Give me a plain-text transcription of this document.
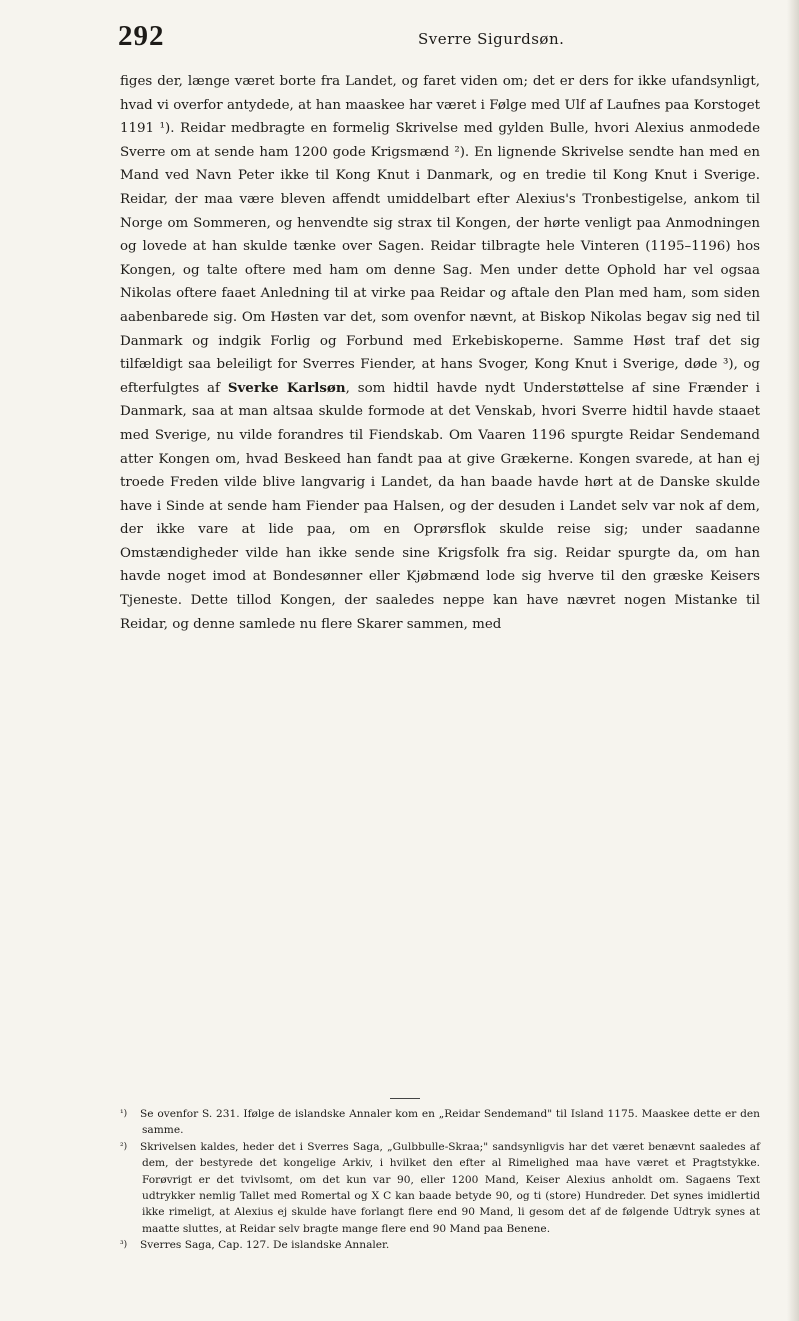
292	Sverre Sigurdsøn.

figes der, længe været borte fra Landet, og faret viden om; det er ders for ikke ufandsynligt, hvad vi overfor antydede, at han maaskee har været i Følge med Ulf af Laufnes paa Korstoget 1191 ¹). Reidar medbragte en formelig Skrivelse med gylden Bulle, hvori Alexius anmodede Sverre om at sende ham 1200 gode Krigsmænd ²). En lignende Skrivelse sendte han med en Mand ved Navn Peter ikke til Kong Knut i Danmark, og en tredie til Kong Knut i Sverige. Reidar, der maa være bleven affendt umiddelbart efter Alexius's Tronbestigelse, ankom til Norge om Sommeren, og henvendte sig strax til Kongen, der hørte venligt paa Anmodningen og lovede at han skulde tænke over Sagen. Reidar tilbragte hele Vinteren (1195–1196) hos Kongen, og talte oftere med ham om denne Sag. Men under dette Ophold har vel ogsaa Nikolas oftere faaet Anledning til at virke paa Reidar og aftale den Plan med ham, som siden aabenbarede sig. Om Høsten var det, som ovenfor nævnt, at Biskop Nikolas begav sig ned til Danmark og indgik Forlig og Forbund med Erkebiskoperne. Samme Høst traf det sig tilfældigt saa beleiligt for Sverres Fiender, at hans Svoger, Kong Knut i Sverige, døde ³), og efterfulgtes af Sverke Karlsøn, som hidtil havde nydt Understøttelse af sine Frænder i Danmark, saa at man altsaa skulde formode at det Venskab, hvori Sverre hidtil havde staaet med Sverige, nu vilde forandres til Fiendskab. Om Vaaren 1196 spurgte Reidar Sendemand atter Kongen om, hvad Beskeed han fandt paa at give Grækerne. Kongen svarede, at han ej troede Freden vilde blive langvarig i Landet, da han baade havde hørt at de Danske skulde have i Sinde at sende ham Fiender paa Halsen, og der desuden i Landet selv var nok af dem, der ikke vare at lide paa, om en Oprørsflok skulde reise sig; under saadanne Omstændigheder vilde han ikke sende sine Krigsfolk fra sig. Reidar spurgte da, om han havde noget imod at Bondesønner eller Kjøbmænd lode sig hverve til den græske Keisers Tjeneste. Dette tillod Kongen, der saaledes neppe kan have nævret nogen Mistanke til Reidar, og denne samlede nu flere Skarer sammen, med

¹) Se ovenfor S. 231. Ifølge de islandske Annaler kom en „Reidar Sendemand" til Island 1175. Maaskee dette er den samme.

²) Skrivelsen kaldes, heder det i Sverres Saga, „Gulbbulle-Skraa;" sandsynligvis har det været benævnt saaledes af dem, der bestyrede det kongelige Arkiv, i hvilket den efter al Rimelighed maa have været et Pragtstykke. Forøvrigt er det tvivlsomt, om det kun var 90, eller 1200 Mand, Keiser Alexius anholdt om. Sagaens Text udtrykker nemlig Tallet med Romertal og X C kan baade betyde 90, og ti (store) Hundreder. Det synes imidlertid ikke rimeligt, at Alexius ej skulde have forlangt flere end 90 Mand, li gesom det af de følgende Udtryk synes at maatte sluttes, at Reidar selv bragte mange flere end 90 Mand paa Benene.

³) Sverres Saga, Cap. 127. De islandske Annaler.
